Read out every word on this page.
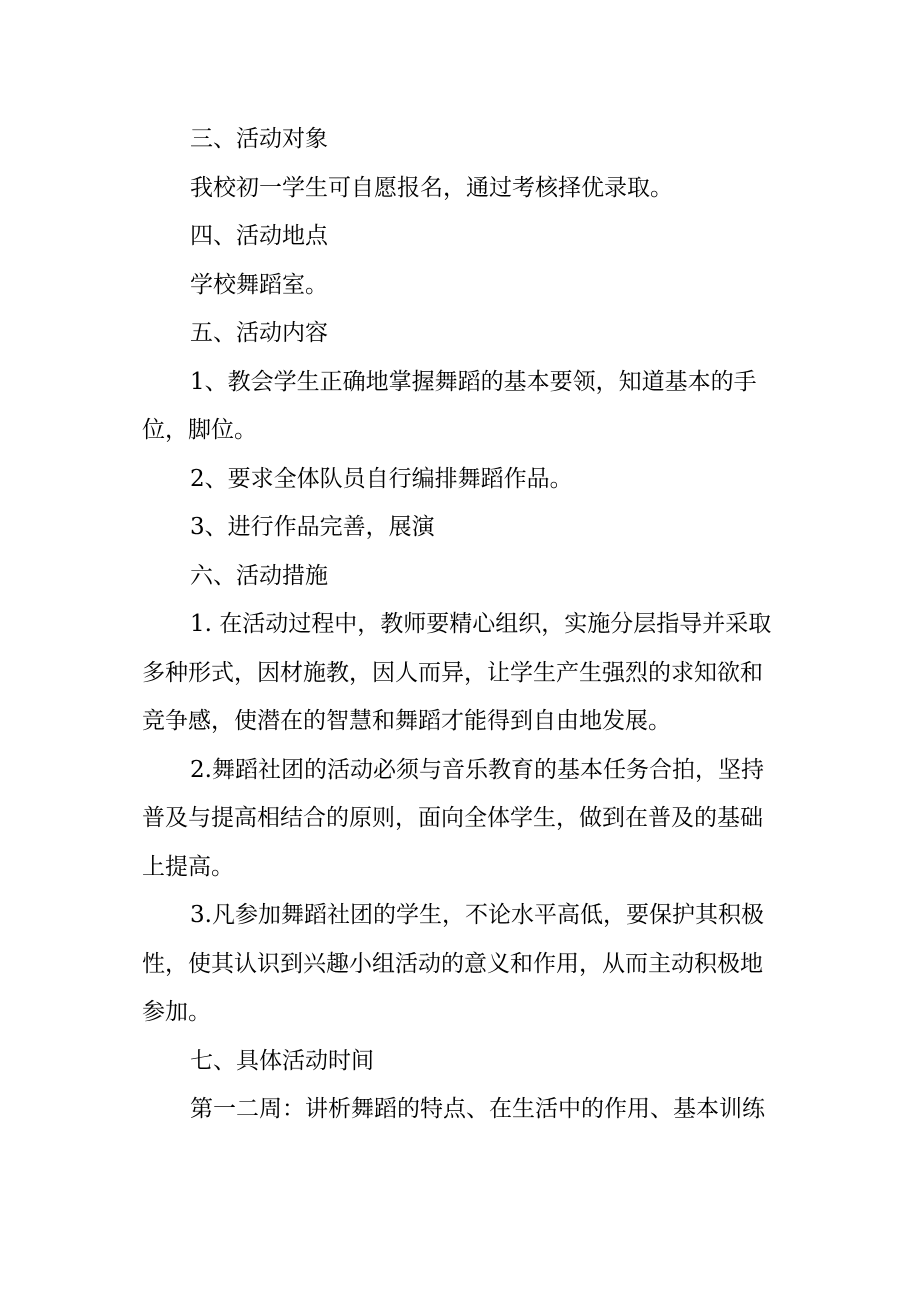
三、活动对象

我校初一学生可自愿报名，通过考核择优录取。

四、活动地点

学校舞蹈室。

五、活动内容

1、教会学生正确地掌握舞蹈的基本要领，知道基本的手位，脚位。

2、要求全体队员自行编排舞蹈作品。

3、进行作品完善，展演

六、活动措施

1. 在活动过程中，教师要精心组织，实施分层指导并采取多种形式，因材施教，因人而异，让学生产生强烈的求知欲和竞争感，使潜在的智慧和舞蹈才能得到自由地发展。

2.舞蹈社团的活动必须与音乐教育的基本任务合拍，坚持普及与提高相结合的原则，面向全体学生，做到在普及的基础上提高。

3.凡参加舞蹈社团的学生，不论水平高低，要保护其积极性，使其认识到兴趣小组活动的意义和作用，从而主动积极地参加。

七、具体活动时间

第一二周：讲析舞蹈的特点、在生活中的作用、基本训练
